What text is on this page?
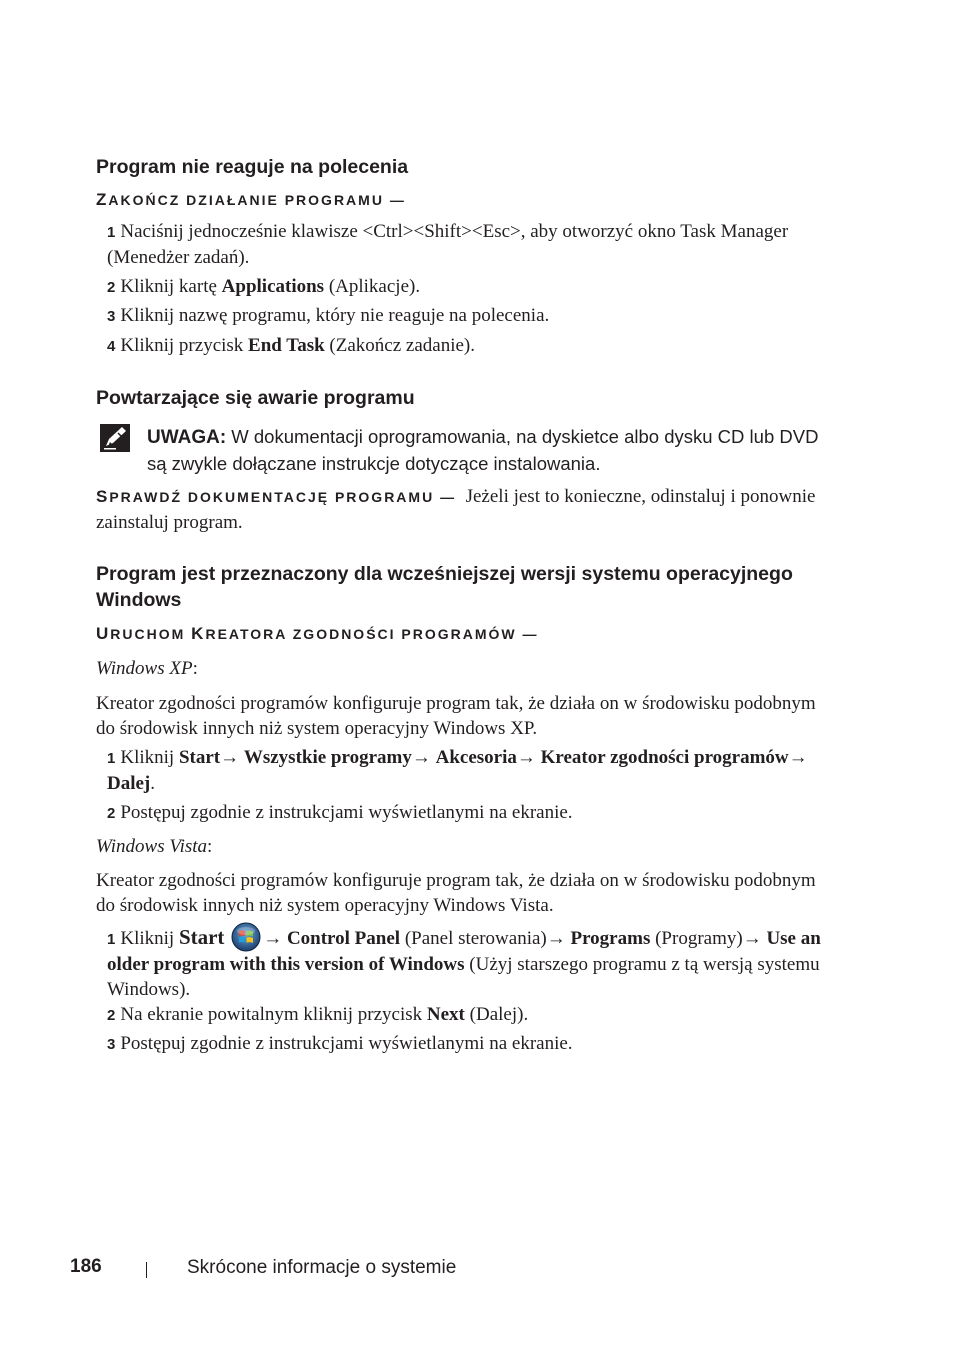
Program nie reaguje na polecenia
ZAKOŃCZ DZIAŁANIE PROGRAMU —
1 Naciśnij jednocześnie klawisze <Ctrl><Shift><Esc>, aby otworzyć okno Task Manager (Menedżer zadań).
2 Kliknij kartę Applications (Aplikacje).
3 Kliknij nazwę programu, który nie reaguje na polecenia.
4 Kliknij przycisk End Task (Zakończ zadanie).
Powtarzające się awarie programu
UWAGA: W dokumentacji oprogramowania, na dyskietce albo dysku CD lub DVD są zwykle dołączane instrukcje dotyczące instalowania.
SPRAWDŹ DOKUMENTACJĘ PROGRAMU — Jeżeli jest to konieczne, odinstaluj i ponownie zainstaluj program.
Program jest przeznaczony dla wcześniejszej wersji systemu operacyjnego Windows
URUCHOM KREATORA ZGODNOŚCI PROGRAMÓW —
Windows XP:
Kreator zgodności programów konfiguruje program tak, że działa on w środowisku podobnym do środowisk innych niż system operacyjny Windows XP.
1 Kliknij Start→ Wszystkie programy→ Akcesoria→ Kreator zgodności programów→ Dalej.
2 Postępuj zgodnie z instrukcjami wyświetlanymi na ekranie.
Windows Vista:
Kreator zgodności programów konfiguruje program tak, że działa on w środowisku podobnym do środowisk innych niż system operacyjny Windows Vista.
1 Kliknij Start → Control Panel (Panel sterowania)→ Programs (Programy)→ Use an older program with this version of Windows (Użyj starszego programu z tą wersją systemu Windows).
2 Na ekranie powitalnym kliknij przycisk Next (Dalej).
3 Postępuj zgodnie z instrukcjami wyświetlanymi na ekranie.
186	Skrócone informacje o systemie
